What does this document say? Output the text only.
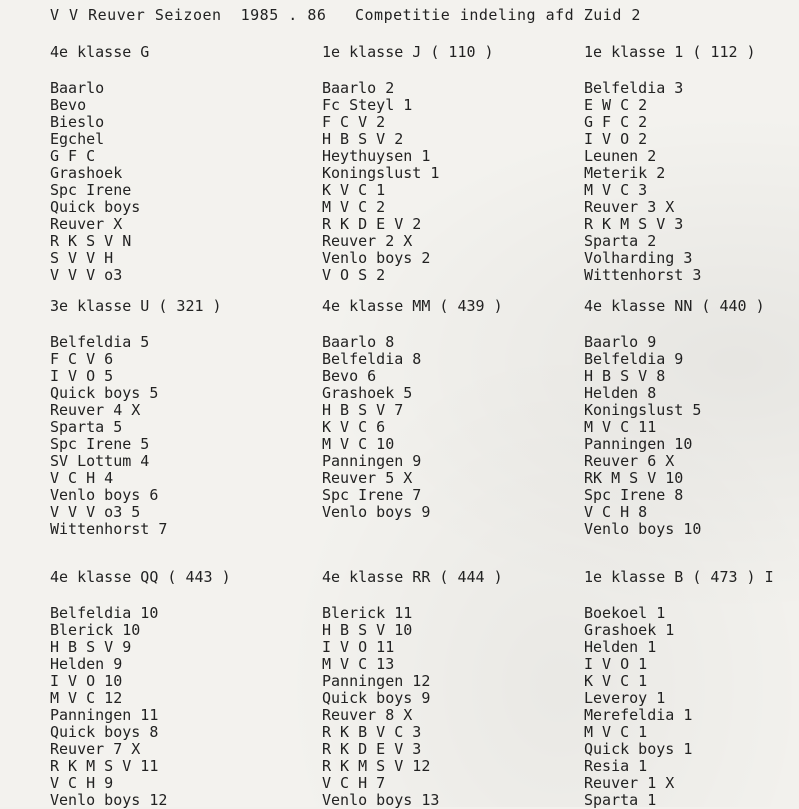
V V Reuver Seizoen  1985 . 86   Competitie indeling afd Zuid 2
4e klasse G
Baarlo
Bevo
Bieslo
Egchel
G F C
Grashoek
Spc Irene
Quick boys
Reuver X
R K S V N
S V V H
V V V o3
1e klasse J ( 110 )
Baarlo 2
Fc Steyl 1
F C V 2
H B S V 2
Heythuysen 1
Koningslust 1
K V C 1
M V C 2
R K D E V 2
Reuver 2 X
Venlo boys 2
V O S 2
1e klasse 1 ( 112 )
Belfeldia 3
E W C 2
G F C 2
I V O 2
Leunen 2
Meterik 2
M V C 3
Reuver 3 X
R K M S V 3
Sparta 2
Volharding 3
Wittenhorst 3
3e klasse U ( 321 )
Belfeldia 5
F C V 6
I V O 5
Quick boys 5
Reuver 4 X
Sparta 5
Spc Irene 5
SV Lottum 4
V C H 4
Venlo boys 6
V V V o3 5
Wittenhorst 7
4e klasse MM ( 439 )
Baarlo 8
Belfeldia 8
Bevo 6
Grashoek 5
H B S V 7
K V C 6
M V C 10
Panningen 9
Reuver 5 X
Spc Irene 7
Venlo boys 9
4e klasse NN ( 440 )
Baarlo 9
Belfeldia 9
H B S V 8
Helden 8
Koningslust 5
M V C 11
Panningen 10
Reuver 6 X
RK M S V 10
Spc Irene 8
V C H 8
Venlo boys 10
4e klasse QQ ( 443 )
Belfeldia 10
Blerick 10
H B S V 9
Helden 9
I V O 10
M V C 12
Panningen 11
Quick boys 8
Reuver 7 X
R K M S V 11
V C H 9
Venlo boys 12
4e klasse RR ( 444 )
Blerick 11
H B S V 10
I V O 11
M V C 13
Panningen 12
Quick boys 9
Reuver 8 X
R K B V C 3
R K D E V 3
R K M S V 12
V C H 7
Venlo boys 13
1e klasse B ( 473 ) I
Boekoel 1
Grashoek 1
Helden 1
I V O 1
K V C 1
Leveroy 1
Merefeldia 1
M V C 1
Quick boys 1
Resia 1
Reuver 1 X
Sparta 1
